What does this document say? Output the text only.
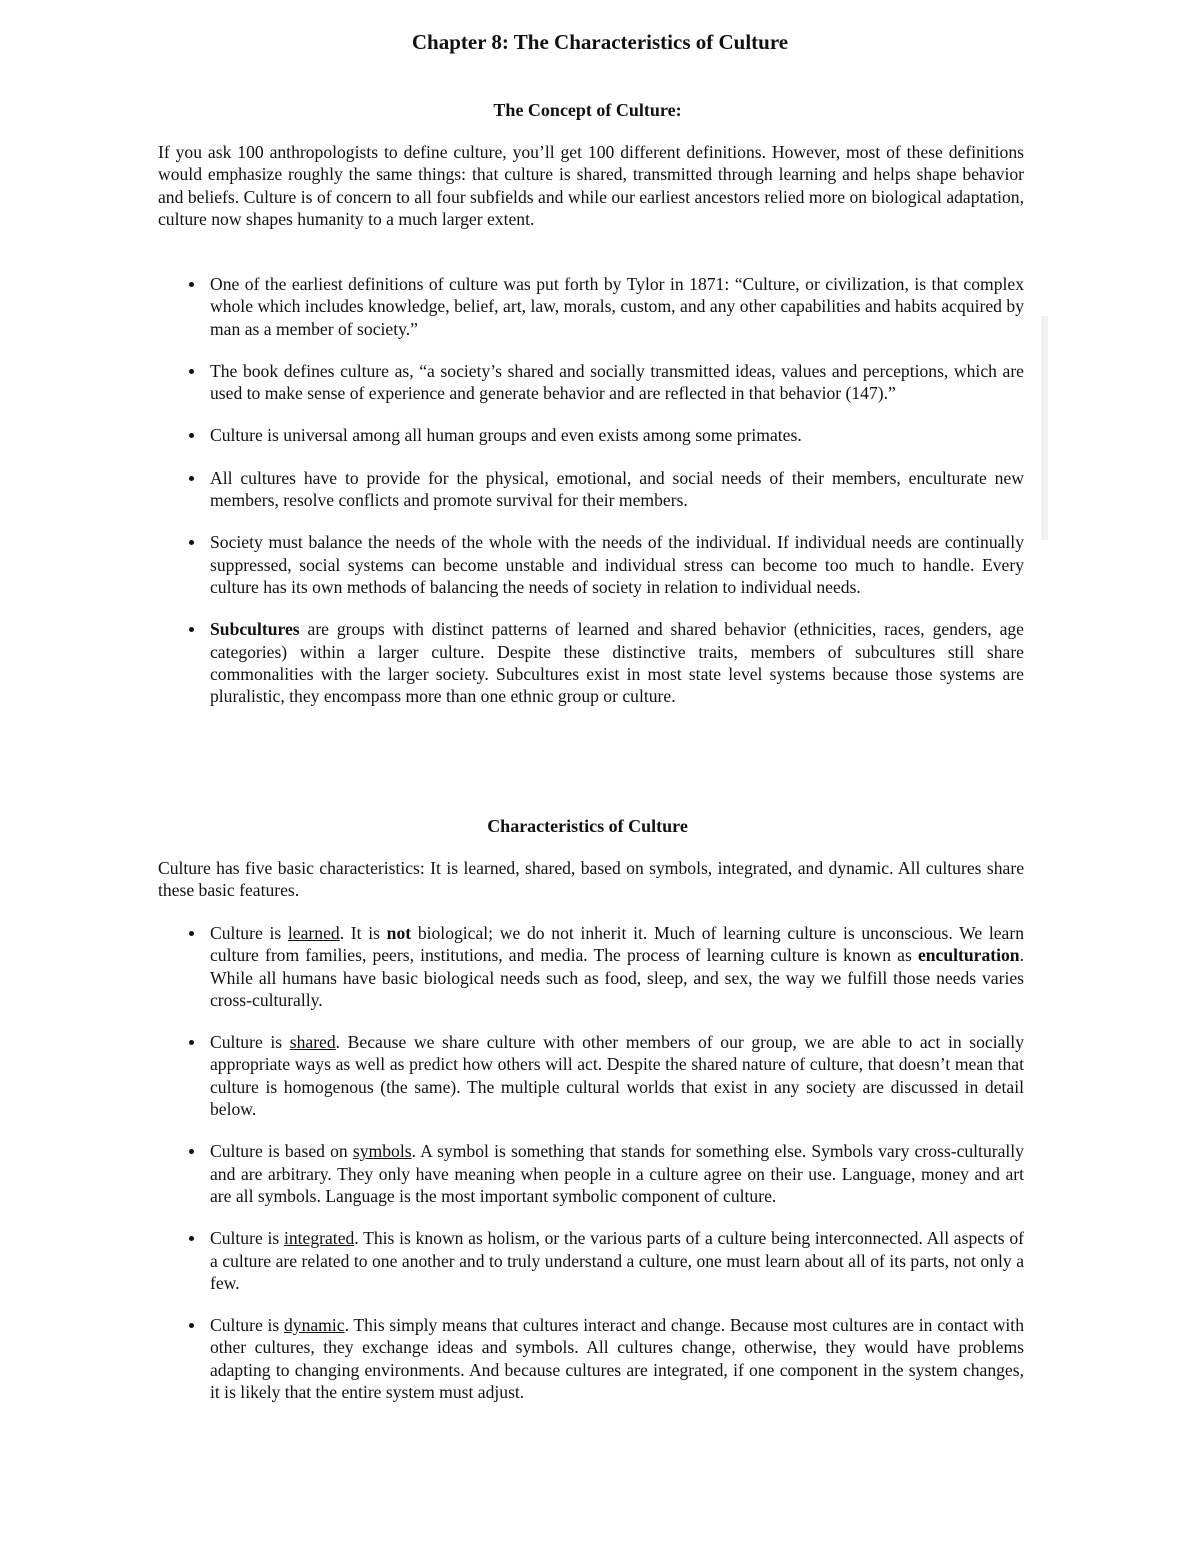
Chapter 8: The Characteristics of Culture
The Concept of Culture:

If you ask 100 anthropologists to define culture, you’ll get 100 different definitions. However, most of these definitions would emphasize roughly the same things: that culture is shared, transmitted through learning and helps shape behavior and beliefs. Culture is of concern to all four subfields and while our earliest ancestors relied more on biological adaptation, culture now shapes humanity to a much larger extent.

One of the earliest definitions of culture was put forth by Tylor in 1871: “Culture, or civilization, is that complex whole which includes knowledge, belief, art, law, morals, custom, and any other capabilities and habits acquired by man as a member of society.”
The book defines culture as, “a society’s shared and socially transmitted ideas, values and perceptions, which are used to make sense of experience and generate behavior and are reflected in that behavior (147).”
Culture is universal among all human groups and even exists among some primates.
All cultures have to provide for the physical, emotional, and social needs of their members, enculturate new members, resolve conflicts and promote survival for their members.
Society must balance the needs of the whole with the needs of the individual. If individual needs are continually suppressed, social systems can become unstable and individual stress can become too much to handle. Every culture has its own methods of balancing the needs of society in relation to individual needs.
Subcultures are groups with distinct patterns of learned and shared behavior (ethnicities, races, genders, age categories) within a larger culture. Despite these distinctive traits, members of subcultures still share commonalities with the larger society. Subcultures exist in most state level systems because those systems are pluralistic, they encompass more than one ethnic group or culture.
Characteristics of Culture

Culture has five basic characteristics: It is learned, shared, based on symbols, integrated, and dynamic. All cultures share these basic features.

Culture is learned. It is not biological; we do not inherit it. Much of learning culture is unconscious. We learn culture from families, peers, institutions, and media. The process of learning culture is known as enculturation. While all humans have basic biological needs such as food, sleep, and sex, the way we fulfill those needs varies cross-culturally.
Culture is shared. Because we share culture with other members of our group, we are able to act in socially appropriate ways as well as predict how others will act. Despite the shared nature of culture, that doesn’t mean that culture is homogenous (the same). The multiple cultural worlds that exist in any society are discussed in detail below.
Culture is based on symbols. A symbol is something that stands for something else. Symbols vary cross-culturally and are arbitrary. They only have meaning when people in a culture agree on their use. Language, money and art are all symbols. Language is the most important symbolic component of culture.
Culture is integrated. This is known as holism, or the various parts of a culture being interconnected. All aspects of a culture are related to one another and to truly understand a culture, one must learn about all of its parts, not only a few.
Culture is dynamic. This simply means that cultures interact and change. Because most cultures are in contact with other cultures, they exchange ideas and symbols. All cultures change, otherwise, they would have problems adapting to changing environments. And because cultures are integrated, if one component in the system changes, it is likely that the entire system must adjust.
